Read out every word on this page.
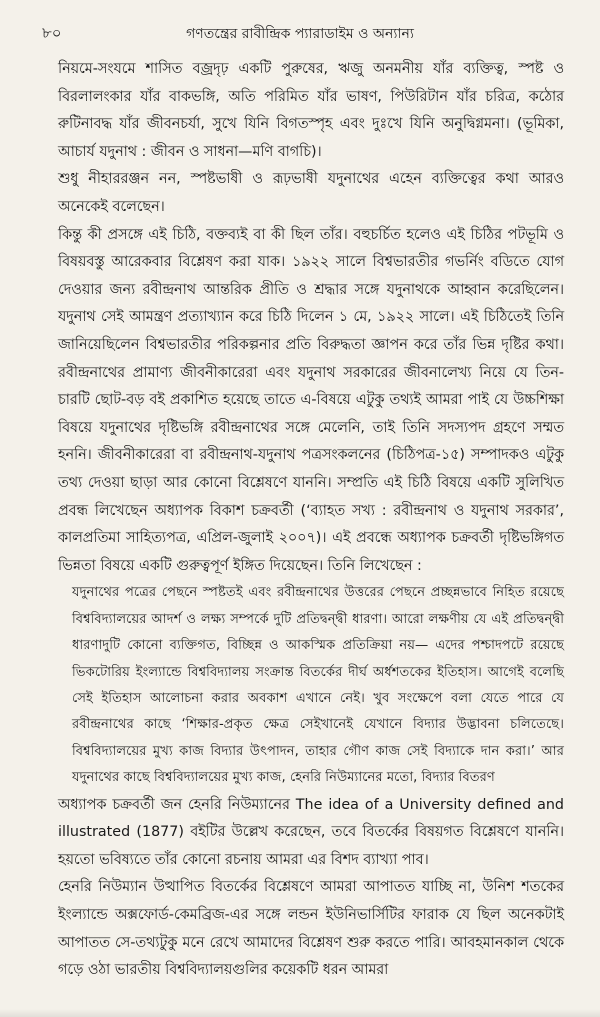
৮০	গণতন্ত্রের রাবীন্দ্রিক প্যারাডাইম ও অন্যান্য

নিয়মে-সংযমে শাসিত বজ্রদৃঢ় একটি পুরুষের, ঋজু অনমনীয় যাঁর ব্যক্তিত্ব, স্পষ্ট ও বিরলালংকার যাঁর বাকভঙ্গি, অতি পরিমিত যাঁর ভাষণ, পিউরিটান যাঁর চরিত্র, কঠোর রুটিনাবদ্ধ যাঁর জীবনচর্যা, সুখে যিনি বিগতস্পৃহ এবং দুঃখে যিনি অনুদ্বিগ্নমনা। (ভূমিকা, আচার্য যদুনাথ : জীবন ও সাধনা—মণি বাগচি)।

শুধু নীহাররঞ্জন নন, স্পষ্টভাষী ও রূঢ়ভাষী যদুনাথের এহেন ব্যক্তিত্বের কথা আরও অনেকেই বলেছেন।

কিন্তু কী প্রসঙ্গে এই চিঠি, বক্তব্যই বা কী ছিল তাঁর। বহুচর্চিত হলেও এই চিঠির পটভূমি ও বিষয়বস্তু আরেকবার বিশ্লেষণ করা যাক। ১৯২২ সালে বিশ্বভারতীর গভর্নিং বডিতে যোগ দেওয়ার জন্য রবীন্দ্রনাথ আন্তরিক প্রীতি ও শ্রদ্ধার সঙ্গে যদুনাথকে আহ্বান করেছিলেন। যদুনাথ সেই আমন্ত্রণ প্রত্যাখ্যান করে চিঠি দিলেন ১ মে, ১৯২২ সালে। এই চিঠিতেই তিনি জানিয়েছিলেন বিশ্বভারতীর পরিকল্পনার প্রতি বিরুদ্ধতা জ্ঞাপন করে তাঁর ভিন্ন দৃষ্টির কথা। রবীন্দ্রনাথের প্রামাণ্য জীবনীকারেরা এবং যদুনাথ সরকারের জীবনালেখ্য নিয়ে যে তিন-চারটি ছোট-বড় বই প্রকাশিত হয়েছে তাতে এ-বিষয়ে এটুকু তথ্যই আমরা পাই যে উচ্চশিক্ষা বিষয়ে যদুনাথের দৃষ্টিভঙ্গি রবীন্দ্রনাথের সঙ্গে মেলেনি, তাই তিনি সদস্যপদ গ্রহণে সম্মত হননি। জীবনীকারেরা বা রবীন্দ্রনাথ-যদুনাথ পত্রসংকলনের (চিঠিপত্র-১৫) সম্পাদকও এটুকু তথ্য দেওয়া ছাড়া আর কোনো বিশ্লেষণে যাননি। সম্প্রতি এই চিঠি বিষয়ে একটি সুলিখিত প্রবন্ধ লিখেছেন অধ্যাপক বিকাশ চক্রবর্তী (‘ব্যাহত সখ্য : রবীন্দ্রনাথ ও যদুনাথ সরকার’, কালপ্রতিমা সাহিত্যপত্র, এপ্রিল-জুলাই ২০০৭)। এই প্রবন্ধে অধ্যাপক চক্রবর্তী দৃষ্টিভঙ্গিগত ভিন্নতা বিষয়ে একটি গুরুত্বপূর্ণ ইঙ্গিত দিয়েছেন। তিনি লিখেছেন :

যদুনাথের পত্রের পেছনে স্পষ্টতই এবং রবীন্দ্রনাথের উত্তরের পেছনে প্রচ্ছন্নভাবে নিহিত রয়েছে বিশ্ববিদ্যালয়ের আদর্শ ও লক্ষ্য সম্পর্কে দুটি প্রতিদ্বন্দ্বী ধারণা। আরো লক্ষণীয় যে এই প্রতিদ্বন্দ্বী ধারণাদুটি কোনো ব্যক্তিগত, বিচ্ছিন্ন ও আকস্মিক প্রতিক্রিয়া নয়— এদের পশ্চাদপটে রয়েছে ভিকটোরিয় ইংল্যান্ডে বিশ্ববিদ্যালয় সংক্রান্ত বিতর্কের দীর্ঘ অর্ধশতকের ইতিহাস। আগেই বলেছি সেই ইতিহাস আলোচনা করার অবকাশ এখানে নেই। খুব সংক্ষেপে বলা যেতে পারে যে রবীন্দ্রনাথের কাছে ‘শিক্ষার-প্রকৃত ক্ষেত্র সেইখানেই যেখানে বিদ্যার উদ্ভাবনা চলিতেছে। বিশ্ববিদ্যালয়ের মুখ্য কাজ বিদ্যার উৎপাদন, তাহার গৌণ কাজ সেই বিদ্যাকে দান করা।’ আর যদুনাথের কাছে বিশ্ববিদ্যালয়ের মুখ্য কাজ, হেনরি নিউম্যানের মতো, বিদ্যার বিতরণ

অধ্যাপক চক্রবর্তী জন হেনরি নিউম্যানের The idea of a University defined and illustrated (1877) বইটির উল্লেখ করেছেন, তবে বিতর্কের বিষয়গত বিশ্লেষণে যাননি। হয়তো ভবিষ্যতে তাঁর কোনো রচনায় আমরা এর বিশদ ব্যাখ্যা পাব।

হেনরি নিউম্যান উত্থাপিত বিতর্কের বিশ্লেষণে আমরা আপাতত যাচ্ছি না, উনিশ শতকের ইংল্যান্ডে অক্সফোর্ড-কেমব্রিজ-এর সঙ্গে লন্ডন ইউনিভার্সিটির ফারাক যে ছিল অনেকটাই আপাতত সে-তথ্যটুকু মনে রেখে আমাদের বিশ্লেষণ শুরু করতে পারি। আবহমানকাল থেকে গড়ে ওঠা ভারতীয় বিশ্ববিদ্যালয়গুলির কয়েকটি ধরন আমরা
